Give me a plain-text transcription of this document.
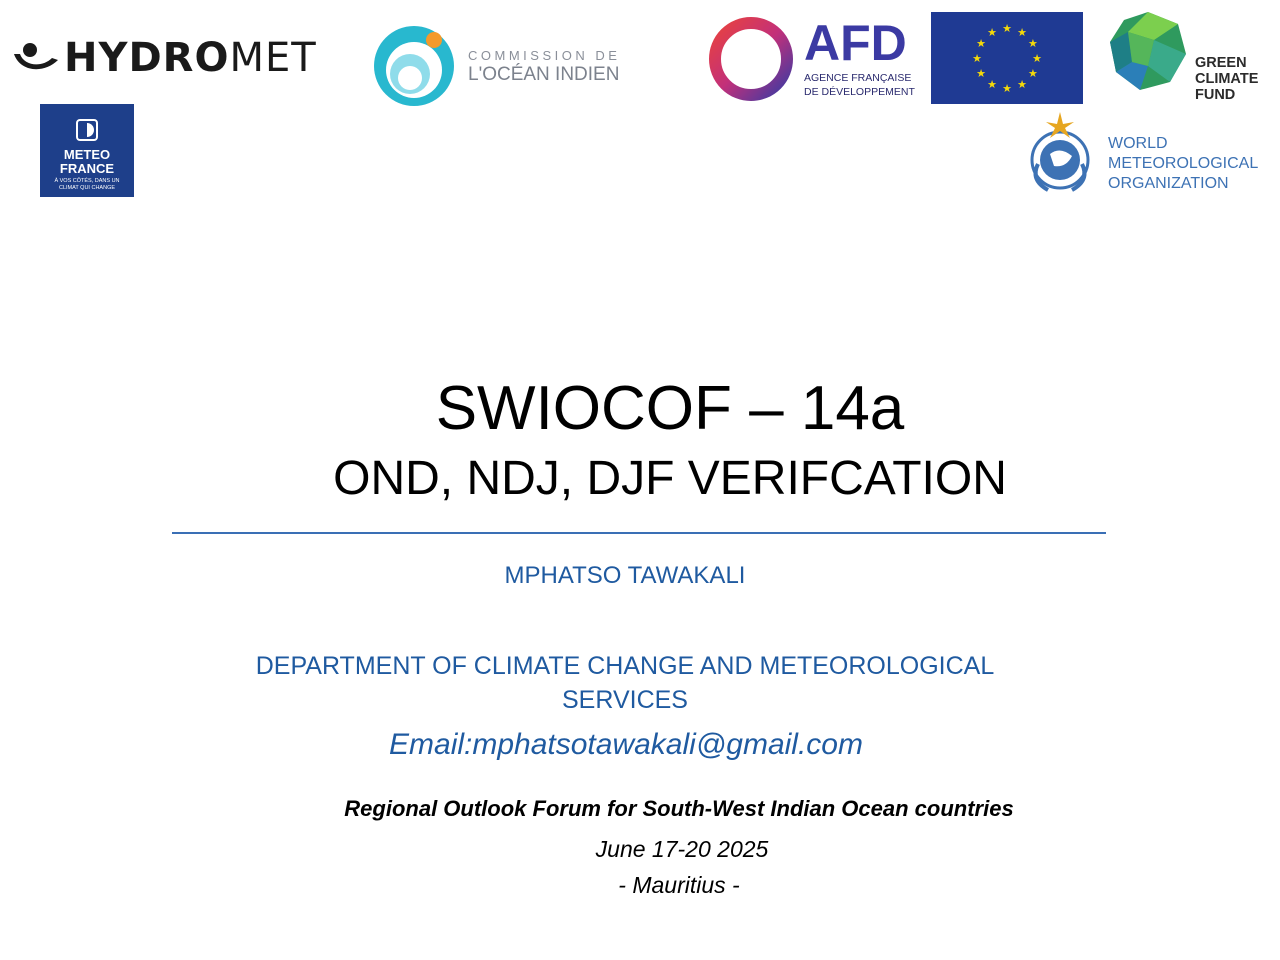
HYDROMET	COMMISSION DE
L'OCÉAN INDIEN
AFD
AGENCE FRANÇAISE
DE DÉVELOPPEMENT
★ ★
★
★
★
★
★
★
★
★
★
★
GREEN
CLIMATE
FUND
METEO
FRANCE
À VOS CÔTÉS, DANS UN
CLIMAT QUI CHANGE
WORLD
METEOROLOGICAL
ORGANIZATION
SWIOCOF – 14a
OND, NDJ, DJF VERIFCATION
MPHATSO TAWAKALI
DEPARTMENT OF CLIMATE CHANGE AND METEOROLOGICAL
SERVICES
Email:mphatsotawakali@gmail.com
Regional Outlook Forum for South-West Indian Ocean countries
June 17-20 2025
- Mauritius -
